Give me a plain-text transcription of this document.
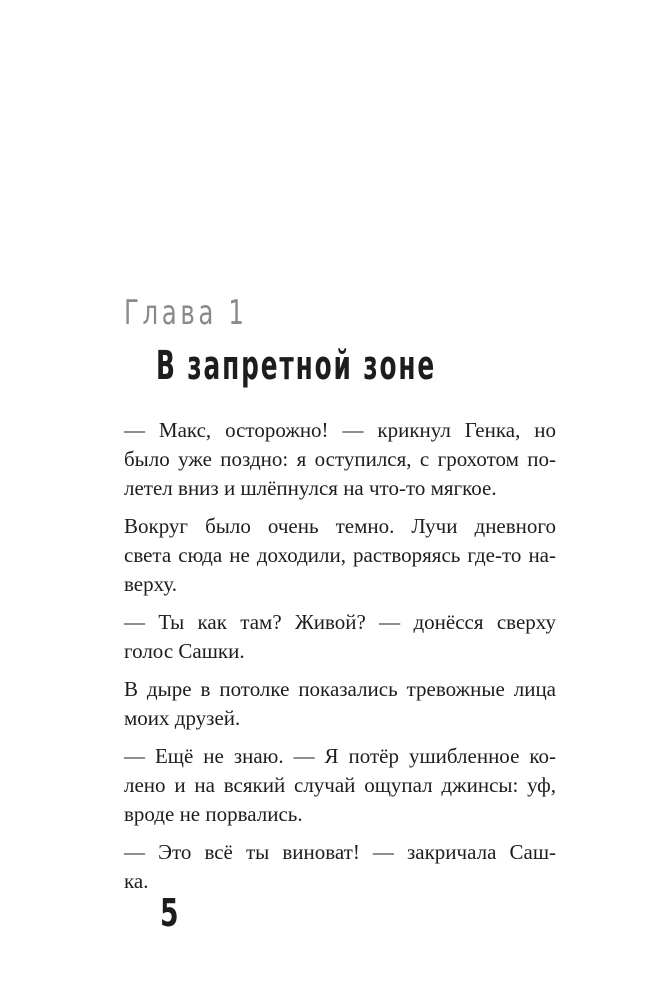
Глава 1
В запретной зоне

— Макс, осторожно! — крикнул Генка, но
было уже поздно: я оступился, с грохотом по-
летел вниз и шлёпнулся на что-то мягкое.

Вокруг было очень темно. Лучи дневного
света сюда не доходили, растворяясь где-то на-
верху.

— Ты как там? Живой? — донёсся сверху
голос Сашки.

В дыре в потолке показались тревожные лица
моих друзей.

— Ещё не знаю. — Я потёр ушибленное ко-
лено и на всякий случай ощупал джинсы: уф,
вроде не порвались.

— Это всё ты виноват! — закричала Саш-
ка.

5
